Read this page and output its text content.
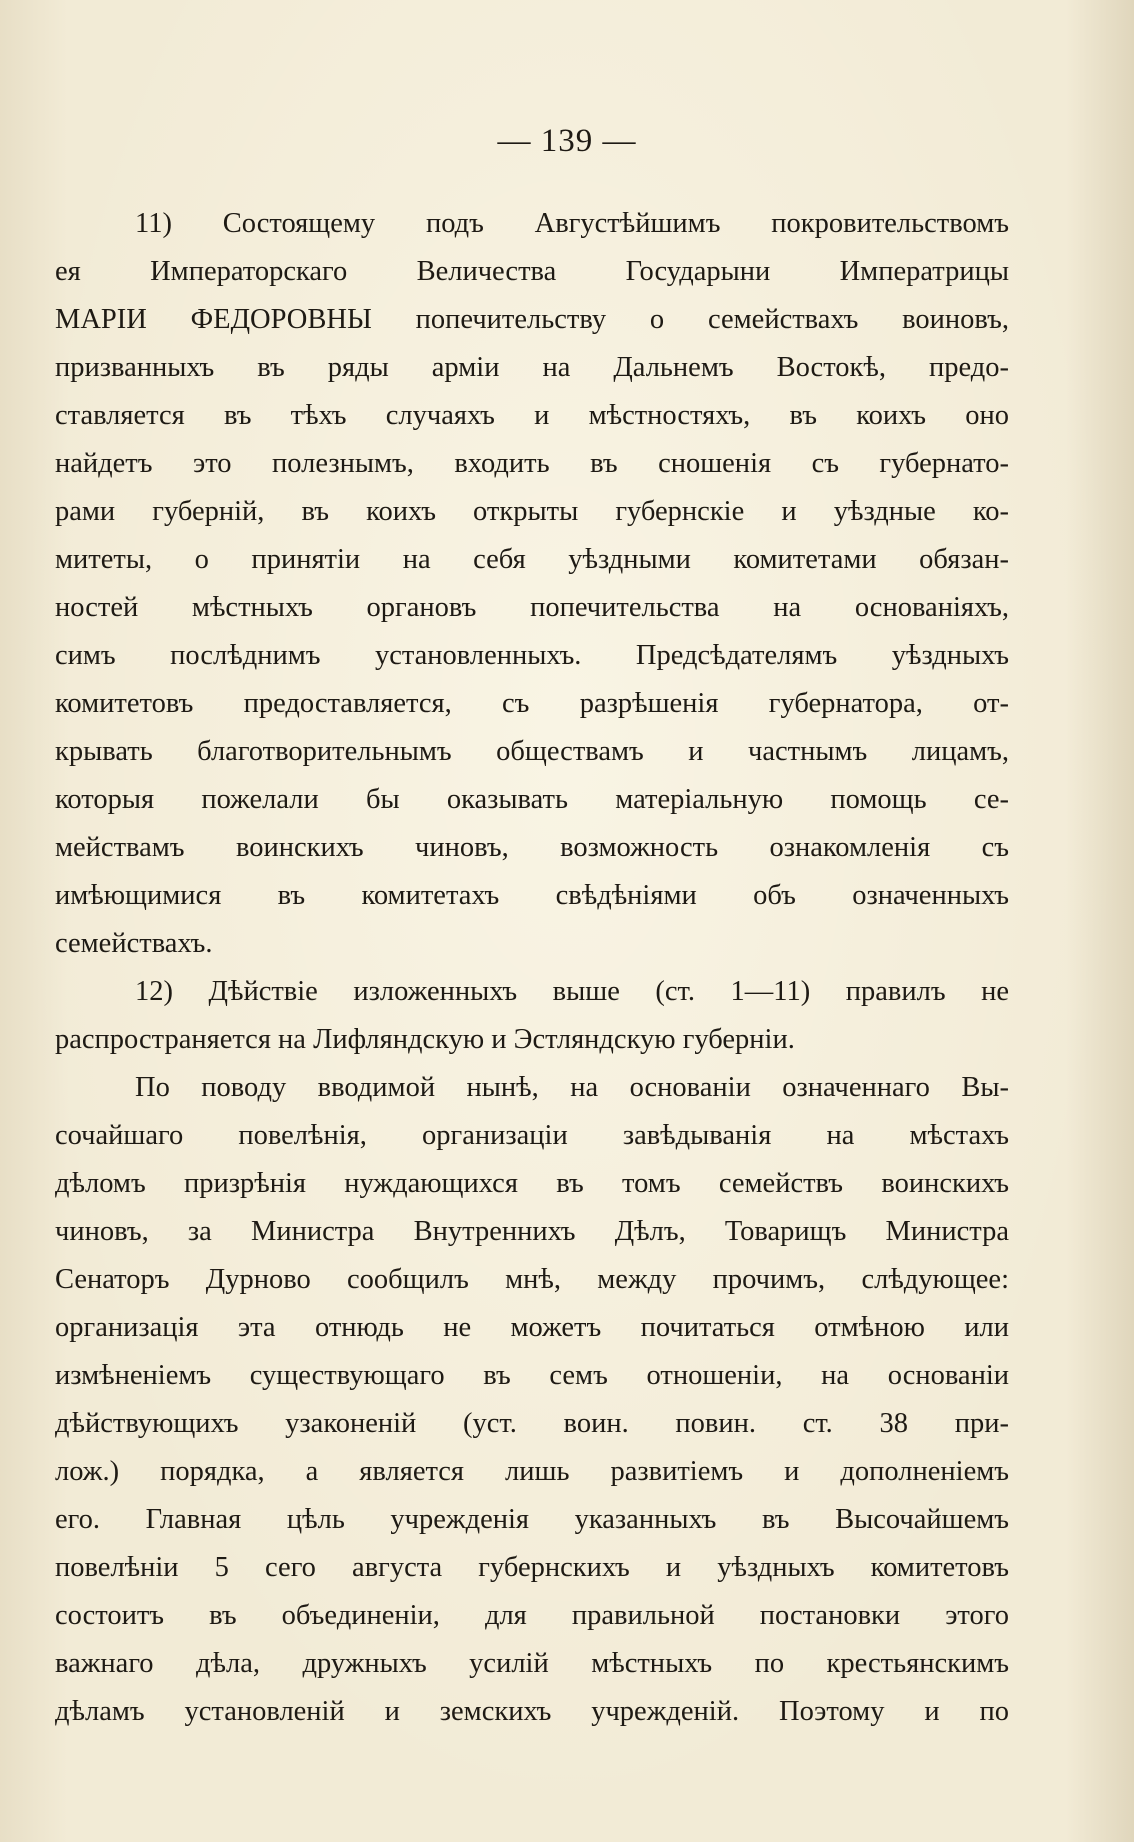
— 139 —
11) Состоящему подъ Августѣйшимъ покровительствомъ
ея Императорскаго Величества Государыни Императрицы
МАРІИ ФЕДОРОВНЫ попечительству о семействахъ воиновъ,
призванныхъ въ ряды арміи на Дальнемъ Востокѣ, предо-
ставляется въ тѣхъ случаяхъ и мѣстностяхъ, въ коихъ оно
найдетъ это полезнымъ, входить въ сношенія съ губернато-
рами губерній, въ коихъ открыты губернскіе и уѣздные ко-
митеты, о принятіи на себя уѣздными комитетами обязан-
ностей мѣстныхъ органовъ попечительства на основаніяхъ,
симъ послѣднимъ установленныхъ. Предсѣдателямъ уѣздныхъ
комитетовъ предоставляется, съ разрѣшенія губернатора, от-
крывать благотворительнымъ обществамъ и частнымъ лицамъ,
которыя пожелали бы оказывать матеріальную помощь се-
мействамъ воинскихъ чиновъ, возможность ознакомленія съ
имѣющимися въ комитетахъ свѣдѣніями объ означенныхъ
семействахъ.
12) Дѣйствіе изложенныхъ выше (ст. 1—11) правилъ не
распространяется на Лифляндскую и Эстляндскую губерніи.
По поводу вводимой нынѣ, на основаніи означеннаго Вы-
сочайшаго повелѣнія, организаціи завѣдыванія на мѣстахъ
дѣломъ призрѣнія нуждающихся въ томъ семействъ воинскихъ
чиновъ, за Министра Внутреннихъ Дѣлъ, Товарищъ Министра
Сенаторъ Дурново сообщилъ мнѣ, между прочимъ, слѣдующее:
организація эта отнюдь не можетъ почитаться отмѣною или
измѣненіемъ существующаго въ семъ отношеніи, на основаніи
дѣйствующихъ узаконеній (уст. воин. повин. ст. 38 при-
лож.) порядка, а является лишь развитіемъ и дополненіемъ
его. Главная цѣль учрежденія указанныхъ въ Высочайшемъ
повелѣніи 5 сего августа губернскихъ и уѣздныхъ комитетовъ
состоитъ въ объединеніи, для правильной постановки этого
важнаго дѣла, дружныхъ усилій мѣстныхъ по крестьянскимъ
дѣламъ установленій и земскихъ учрежденій. Поэтому и по
